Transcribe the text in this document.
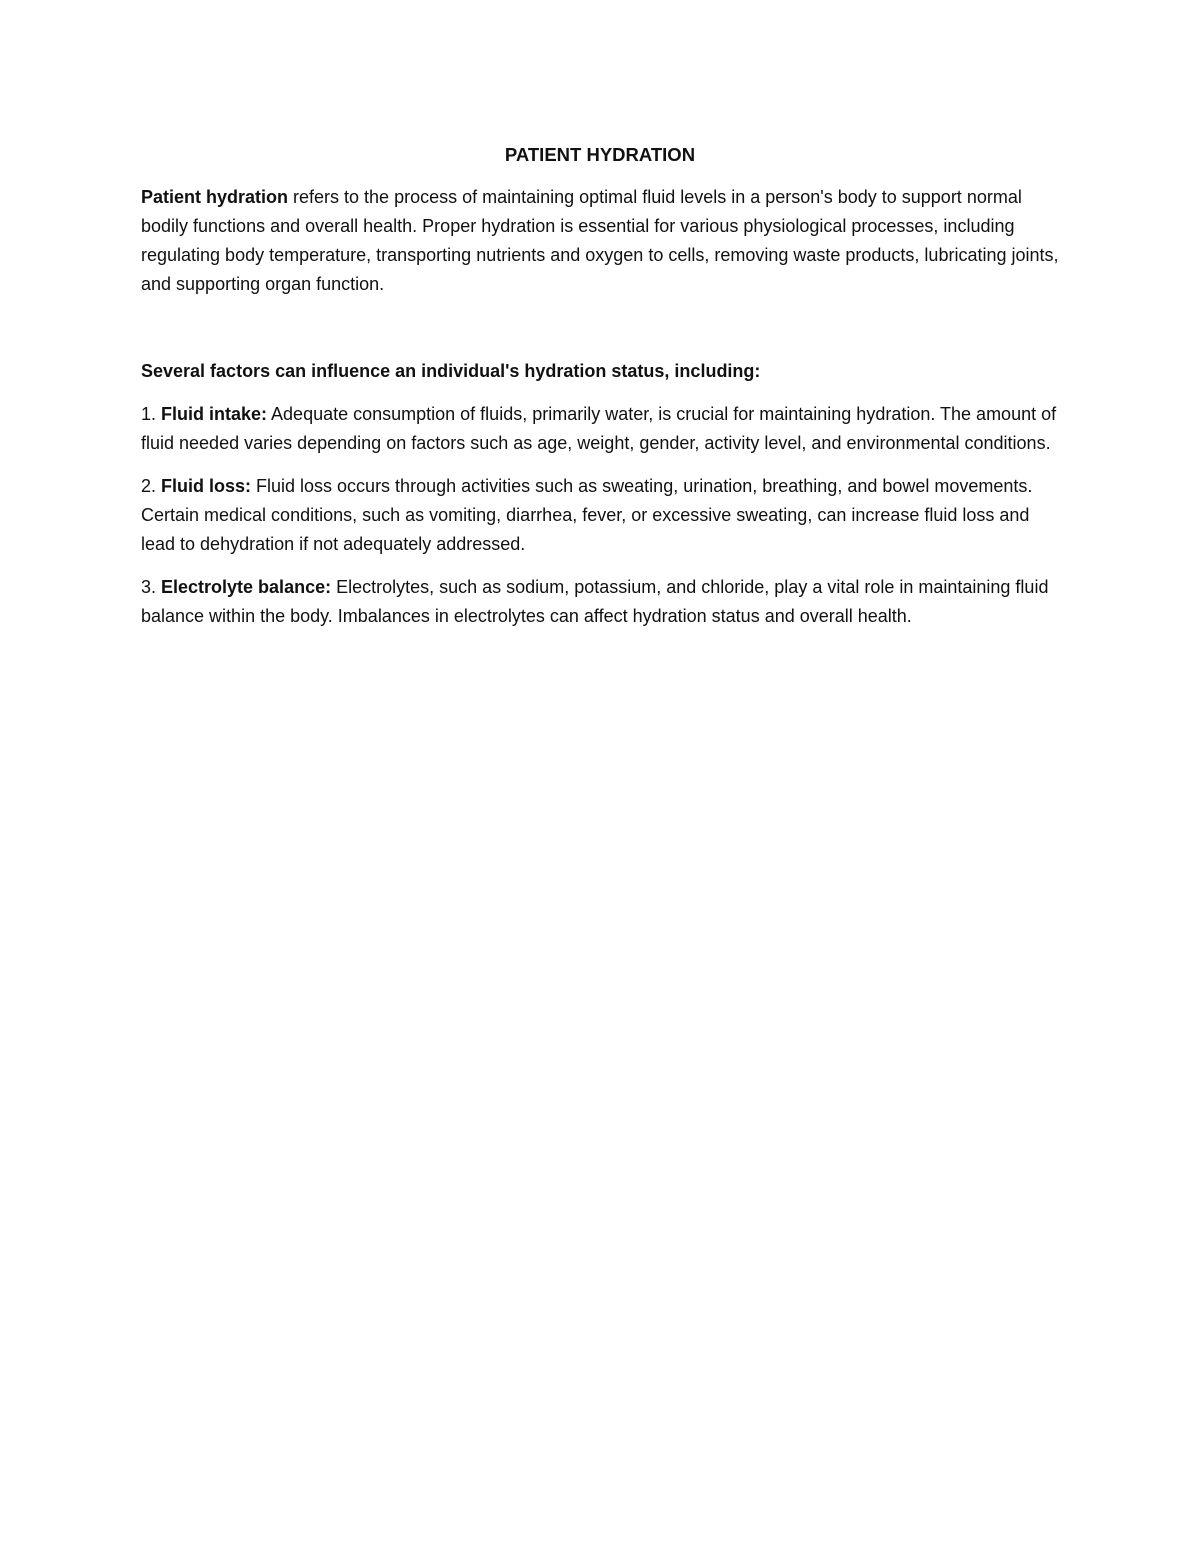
PATIENT HYDRATION

Patient hydration refers to the process of maintaining optimal fluid levels in a person's body to support normal bodily functions and overall health. Proper hydration is essential for various physiological processes, including regulating body temperature, transporting nutrients and oxygen to cells, removing waste products, lubricating joints, and supporting organ function.

Several factors can influence an individual's hydration status, including:

1. Fluid intake: Adequate consumption of fluids, primarily water, is crucial for maintaining hydration. The amount of fluid needed varies depending on factors such as age, weight, gender, activity level, and environmental conditions.

2. Fluid loss: Fluid loss occurs through activities such as sweating, urination, breathing, and bowel movements. Certain medical conditions, such as vomiting, diarrhea, fever, or excessive sweating, can increase fluid loss and lead to dehydration if not adequately addressed.

3. Electrolyte balance: Electrolytes, such as sodium, potassium, and chloride, play a vital role in maintaining fluid balance within the body. Imbalances in electrolytes can affect hydration status and overall health.
